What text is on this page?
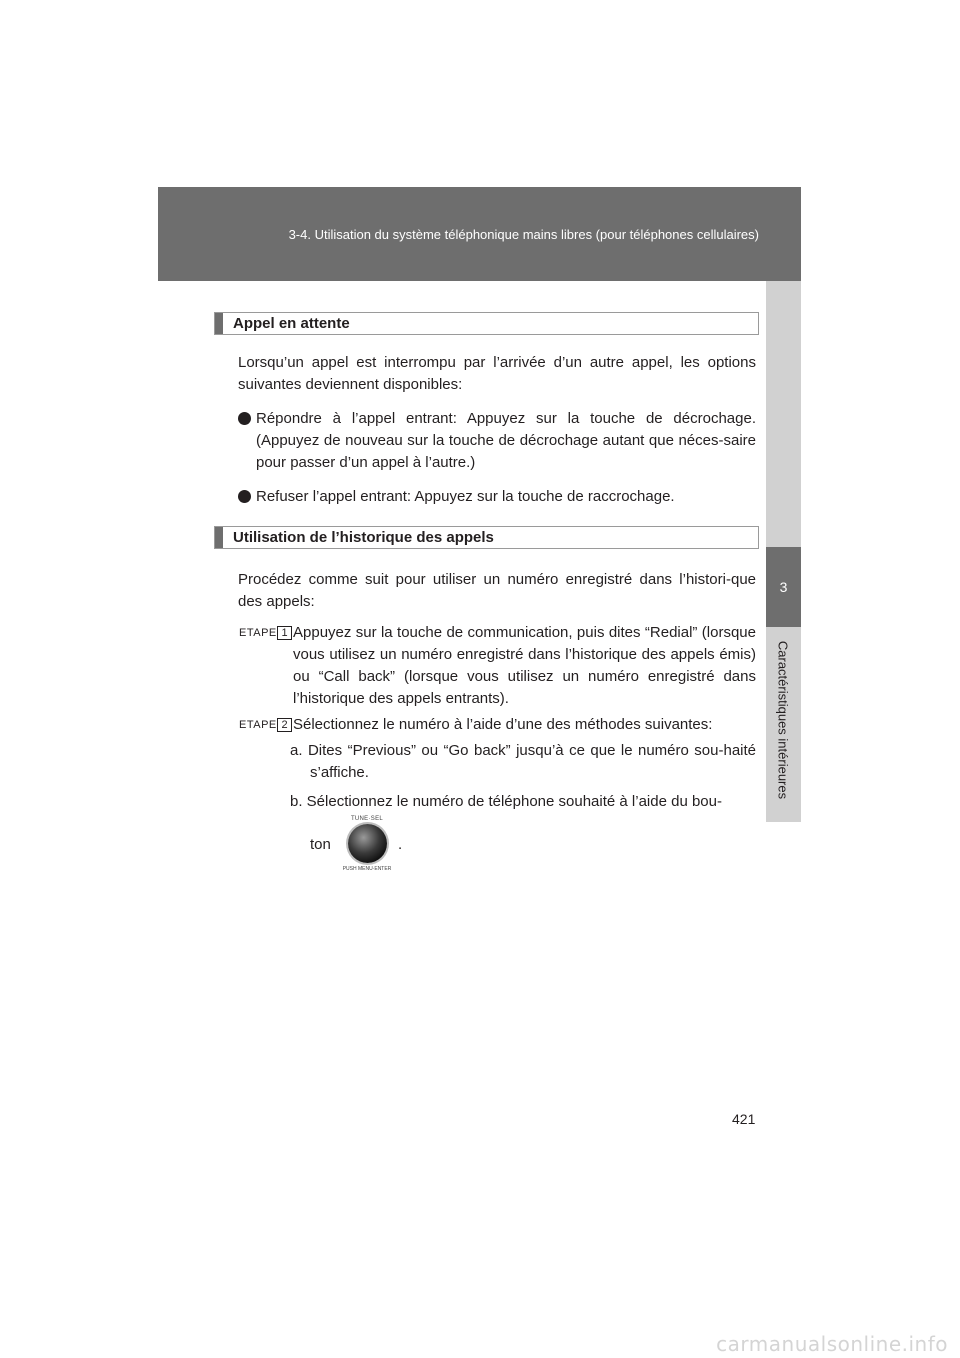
3-4. Utilisation du système téléphonique mains libres (pour téléphones cellulaires)
3
Caractéristiques intérieures
Appel en attente
Lorsqu’un appel est interrompu par l’arrivée d’un autre appel, les options suivantes deviennent disponibles:
Répondre à l’appel entrant: Appuyez sur la touche de décrochage. (Appuyez de nouveau sur la touche de décrochage autant que néces-saire pour passer d’un appel à l’autre.)
Refuser l’appel entrant: Appuyez sur la touche de raccrochage.
Utilisation de l’historique des appels
Procédez comme suit pour utiliser un numéro enregistré dans l’histori-que des appels:
ETAPE 1 Appuyez sur la touche de communication, puis dites “Redial” (lorsque vous utilisez un numéro enregistré dans l’historique des appels émis) ou “Call back” (lorsque vous utilisez un numéro enregistré dans l’historique des appels entrants).
ETAPE 2 Sélectionnez le numéro à l’aide d’une des méthodes suivantes:
a. Dites “Previous” ou “Go back” jusqu’à ce que le numéro sou-haité s’affiche.
b. Sélectionnez le numéro de téléphone souhaité à l’aide du bou-
ton
TUNE·SEL
PUSH MENU·ENTER
.
421
carmanualsonline.info
